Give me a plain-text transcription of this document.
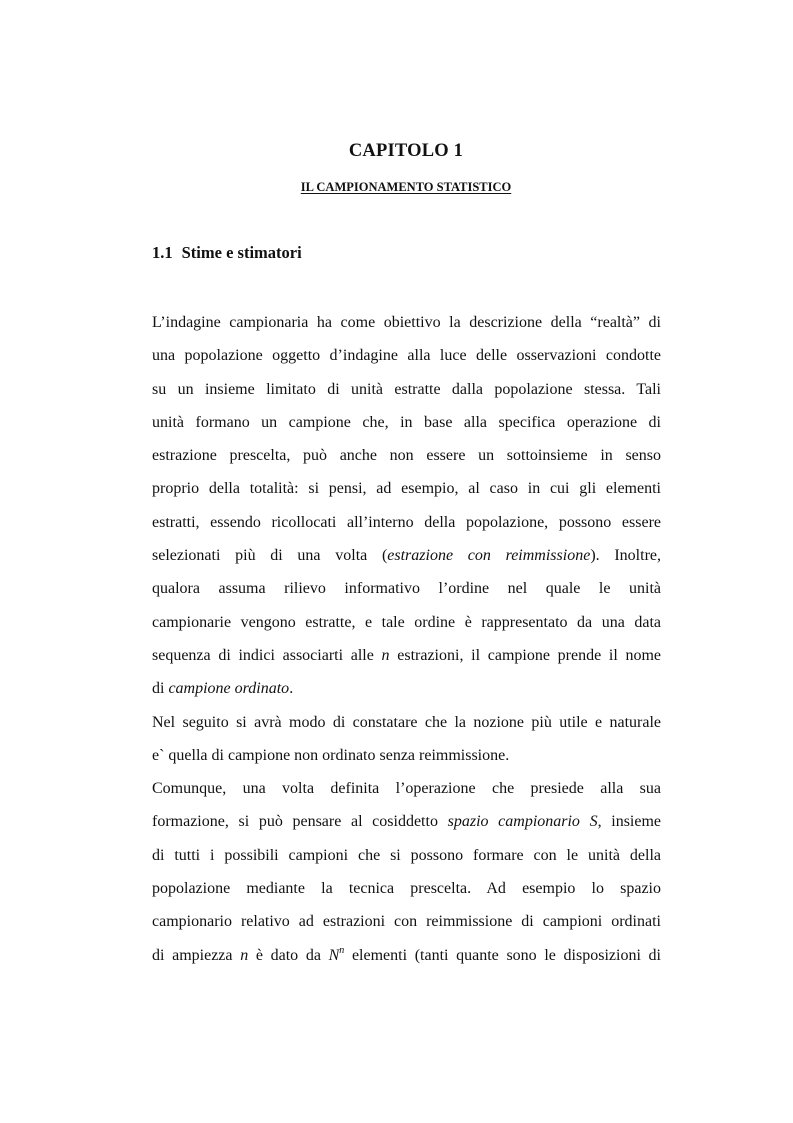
CAPITOLO 1
IL CAMPIONAMENTO STATISTICO
1.1 Stime e stimatori
L’indagine campionaria ha come obiettivo la descrizione della “realtà” di
una popolazione oggetto d’indagine alla luce delle osservazioni condotte
su un insieme limitato di unità estratte dalla popolazione stessa. Tali
unità formano un campione che, in base alla specifica operazione di
estrazione prescelta, può anche non essere un sottoinsieme in senso
proprio della totalità: si pensi, ad esempio, al caso in cui gli elementi
estratti, essendo ricollocati all’interno della popolazione, possono essere
selezionati più di una volta (estrazione con reimmissione). Inoltre,
qualora assuma rilievo informativo l’ordine nel quale le unità
campionarie vengono estratte, e tale ordine è rappresentato da una data
sequenza di indici associarti alle n estrazioni, il campione prende il nome
di campione ordinato.
Nel seguito si avrà modo di constatare che la nozione più utile e naturale
e` quella di campione non ordinato senza reimmissione.
Comunque, una volta definita l’operazione che presiede alla sua
formazione, si può pensare al cosiddetto spazio campionario S, insieme
di tutti i possibili campioni che si possono formare con le unità della
popolazione mediante la tecnica prescelta. Ad esempio lo spazio
campionario relativo ad estrazioni con reimmissione di campioni ordinati
di ampiezza n è dato da $N^n$ elementi (tanti quante sono le disposizioni di
